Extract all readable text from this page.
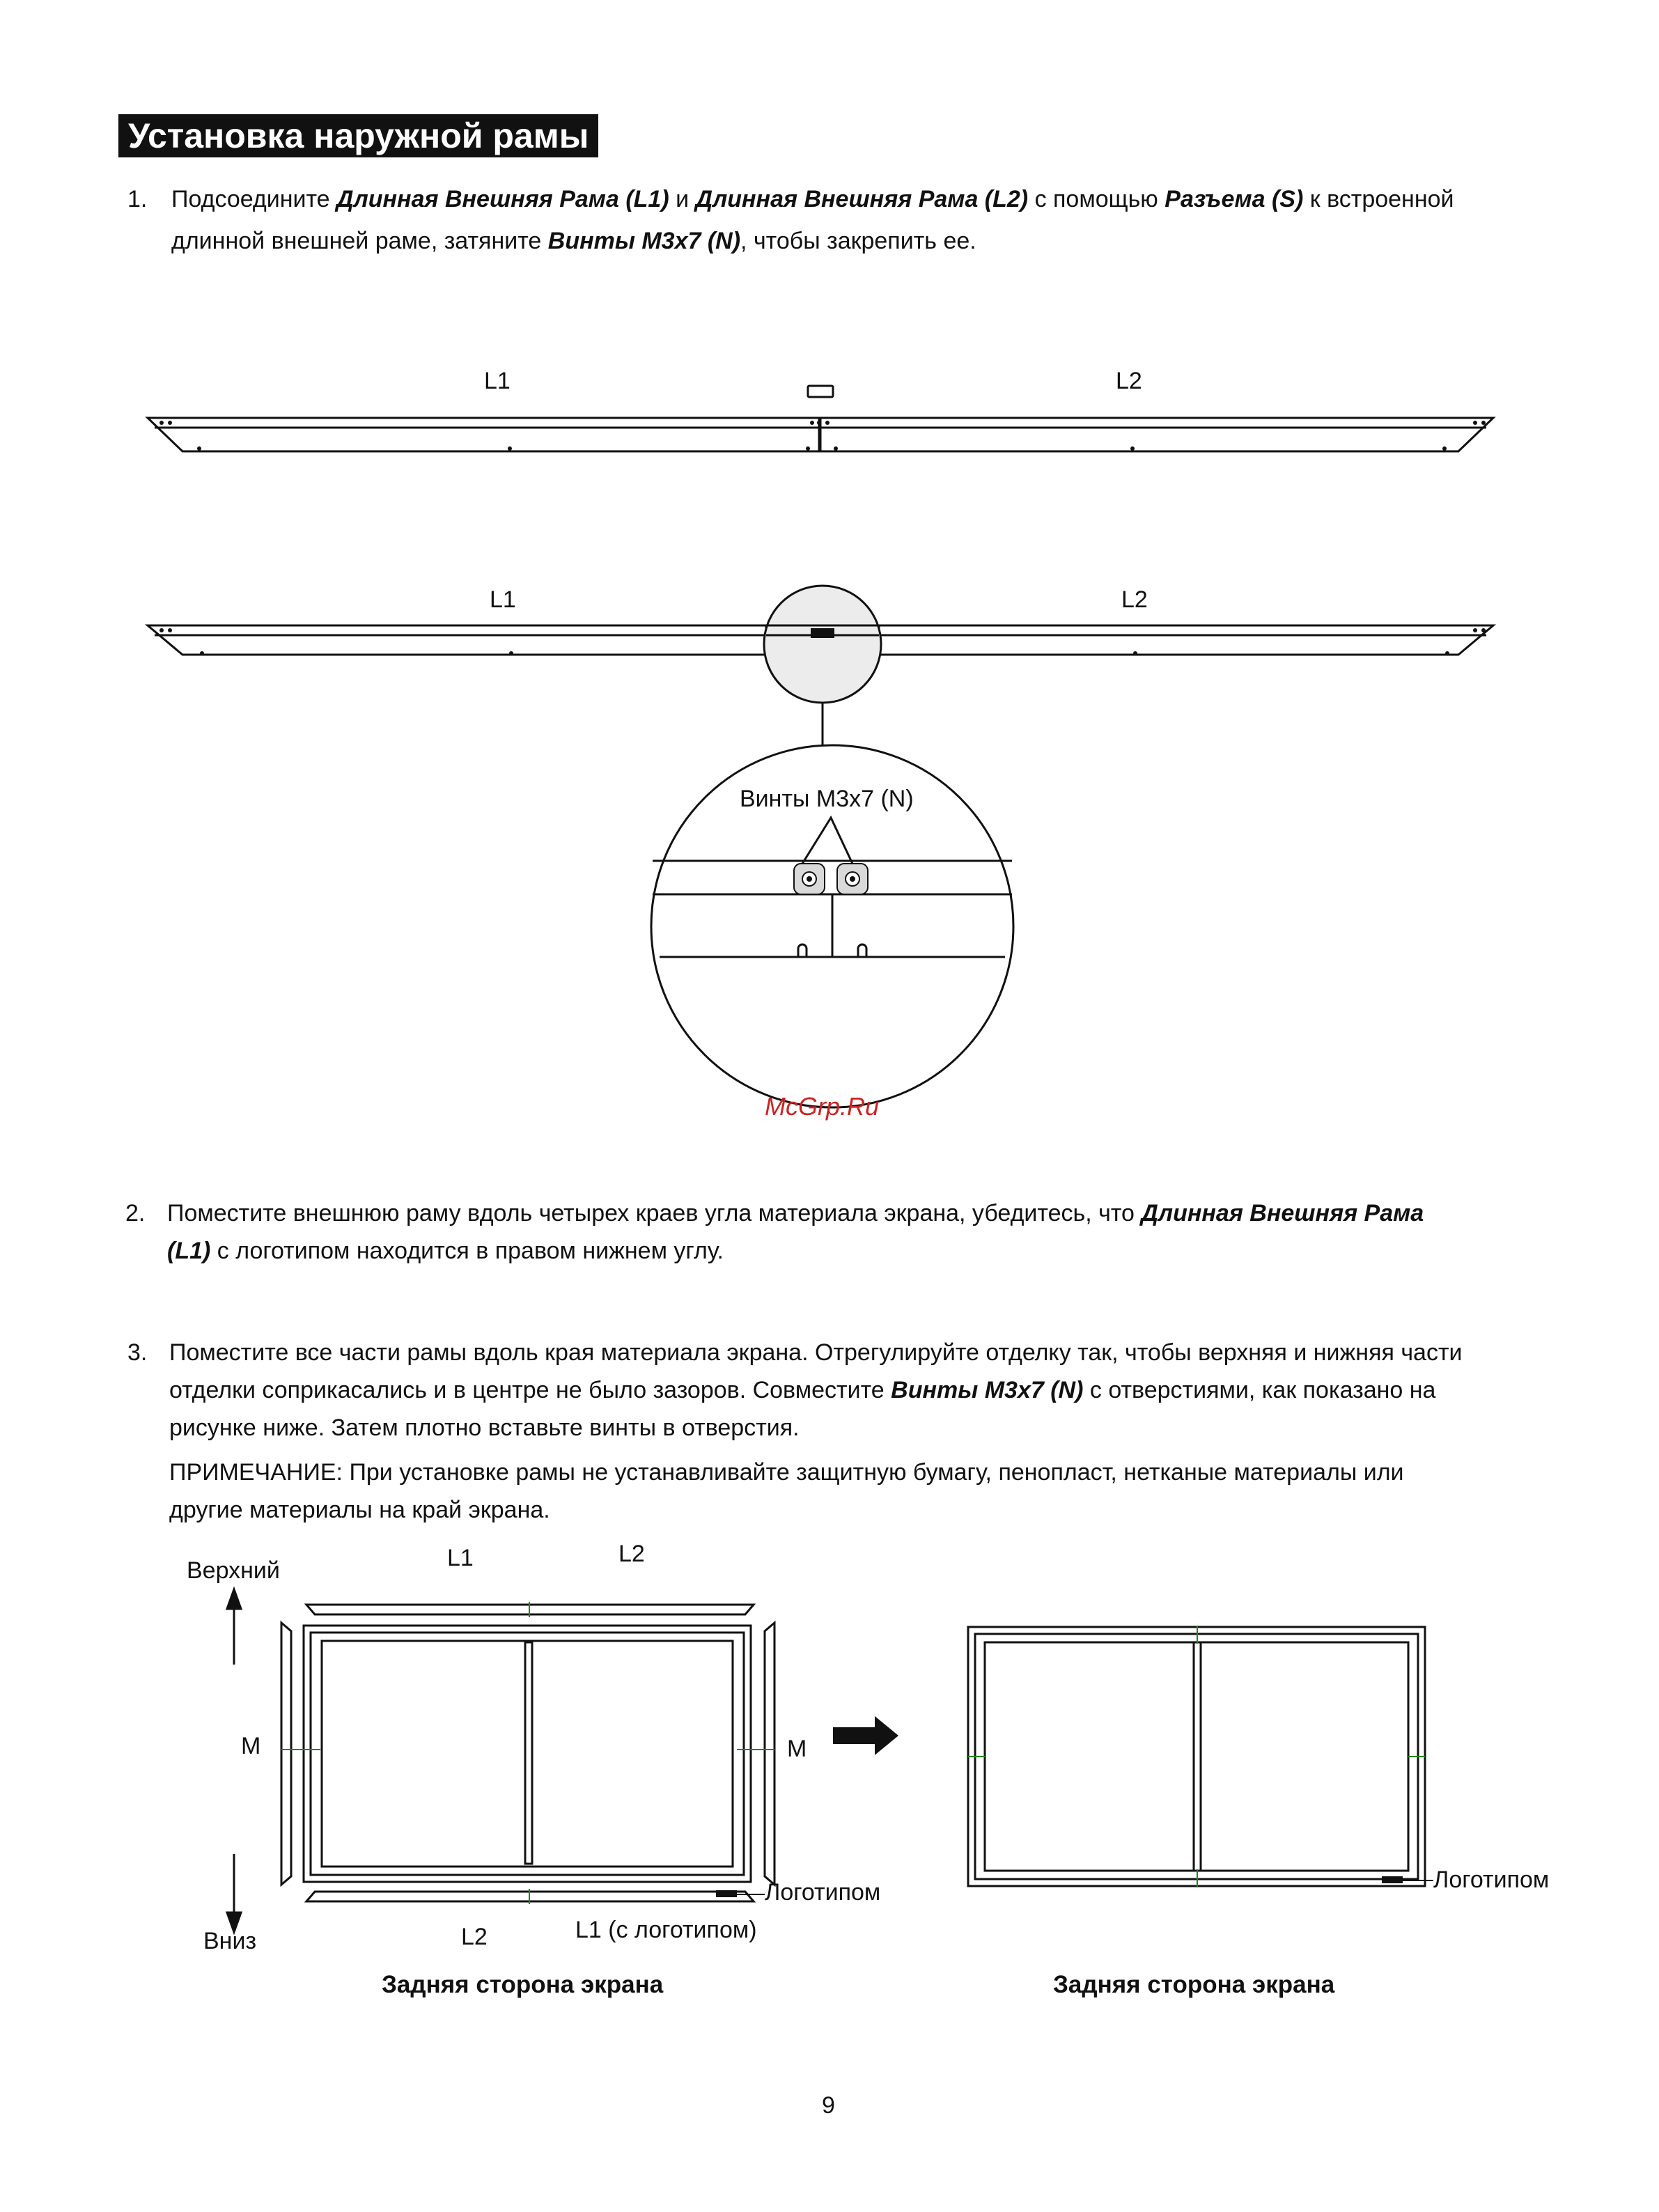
Установка наружной рамы
1. Подсоедините Длинная Внешняя Рама (L1) и Длинная Внешняя Рама (L2) с помощью Разъема (S) к встроенной
длинной внешней раме, затяните Винты M3x7 (N), чтобы закрепить ее.
L1	L2
L1	L2
Винты M3x7 (N)
McGrp.Ru
2. Поместите внешнюю раму вдоль четырех краев угла материала экрана, убедитесь, что Длинная Внешняя Рама
(L1) с логотипом находится в правом нижнем углу.
3. Поместите все части рамы вдоль края материала экрана. Отрегулируйте отделку так, чтобы верхняя и нижняя части
отделки соприкасались и в центре не было зазоров. Совместите Винты M3x7 (N) с отверстиями, как показано на
рисунке ниже. Затем плотно вставьте винты в отверстия.
ПРИМЕЧАНИЕ: При установке рамы не устанавливайте защитную бумагу, пенопласт, нетканые материалы или
другие материалы на край экрана.
Верхний	L1	L2
M	M
Логотипом
Вниз	L2	L1 (с логотипом)
Задняя сторона экрана
Логотипом
Задняя сторона экрана
9
